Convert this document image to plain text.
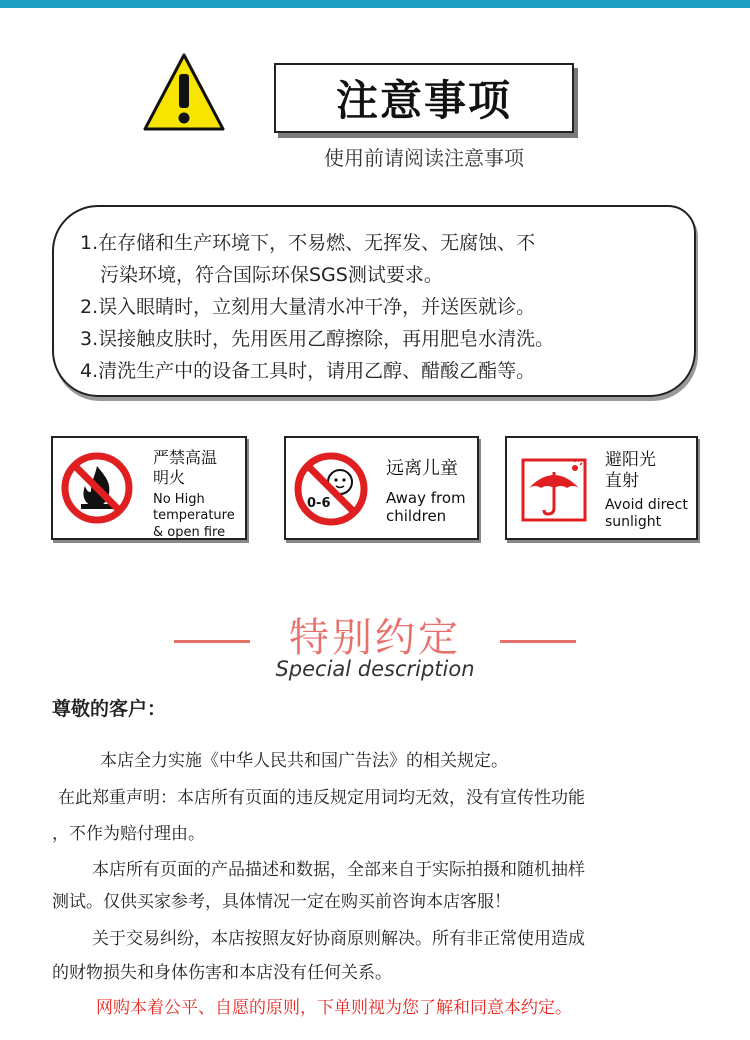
注意事项
使用前请阅读注意事项
1.在存储和生产环境下，不易燃、无挥发、无腐蚀、不
污染环境，符合国际环保SGS测试要求。
2.误入眼睛时，立刻用大量清水冲干净，并送医就诊。
3.误接触皮肤时，先用医用乙醇擦除，再用肥皂水清洗。
4.清洗生产中的设备工具时，请用乙醇、醋酸乙酯等。
严禁高温
明火
No High
temperature
& open fire
0-6
远离儿童
Away from
children
避阳光
直射
Avoid direct
sunlight
特别约定
Special description
尊敬的客户：
本店全力实施《中华人民共和国广告法》的相关规定。
在此郑重声明：本店所有页面的违反规定用词均无效，没有宣传性功能
，不作为赔付理由。
本店所有页面的产品描述和数据，全部来自于实际拍摄和随机抽样
测试。仅供买家参考，具体情况一定在购买前咨询本店客服！
关于交易纠纷，本店按照友好协商原则解决。所有非正常使用造成
的财物损失和身体伤害和本店没有任何关系。
网购本着公平、自愿的原则，下单则视为您了解和同意本约定。
